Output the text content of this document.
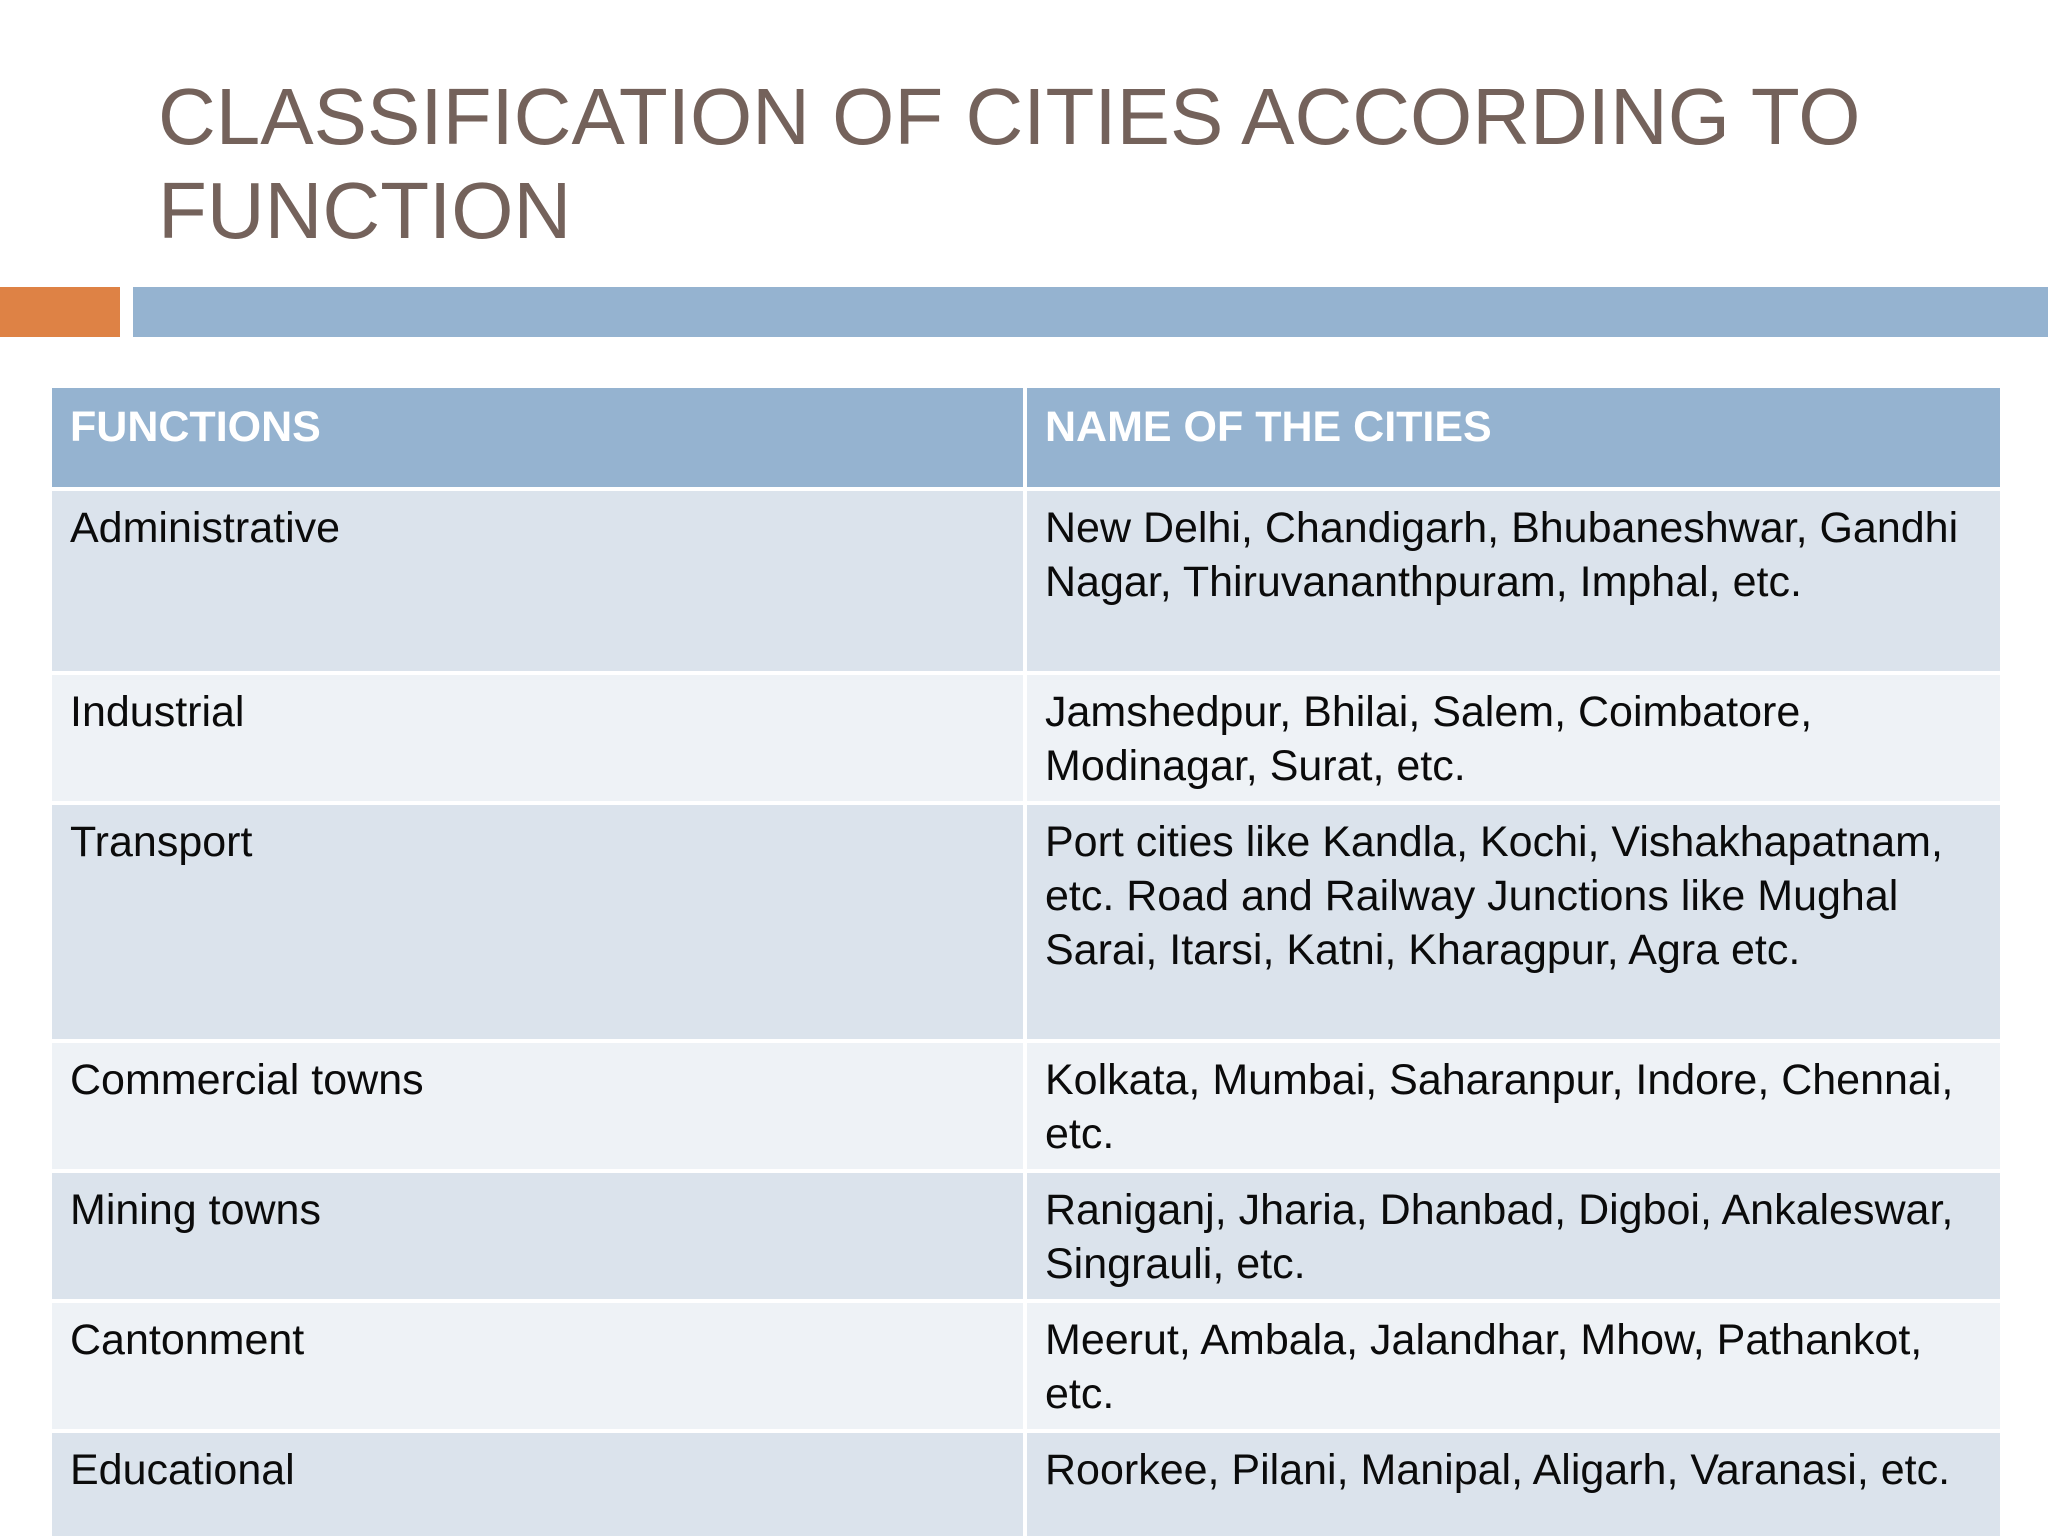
CLASSIFICATION OF CITIES ACCORDING TO FUNCTION
FUNCTIONS	NAME OF THE CITIES
Administrative	New Delhi, Chandigarh, Bhubaneshwar, Gandhi Nagar, Thiruvananthpuram, Imphal, etc.

Industrial	Jamshedpur, Bhilai, Salem, Coimbatore, Modinagar, Surat, etc.

Transport	Port cities like Kandla, Kochi, Vishakhapatnam,
etc. Road and Railway Junctions like Mughal Sarai, Itarsi, Katni, Kharagpur, Agra etc.

Commercial towns	Kolkata, Mumbai, Saharanpur, Indore, Chennai, etc.

Mining towns	Raniganj, Jharia, Dhanbad, Digboi, Ankaleswar, Singrauli, etc.

Cantonment	Meerut, Ambala, Jalandhar, Mhow, Pathankot, etc.

Educational	Roorkee, Pilani, Manipal, Aligarh, Varanasi, etc.
